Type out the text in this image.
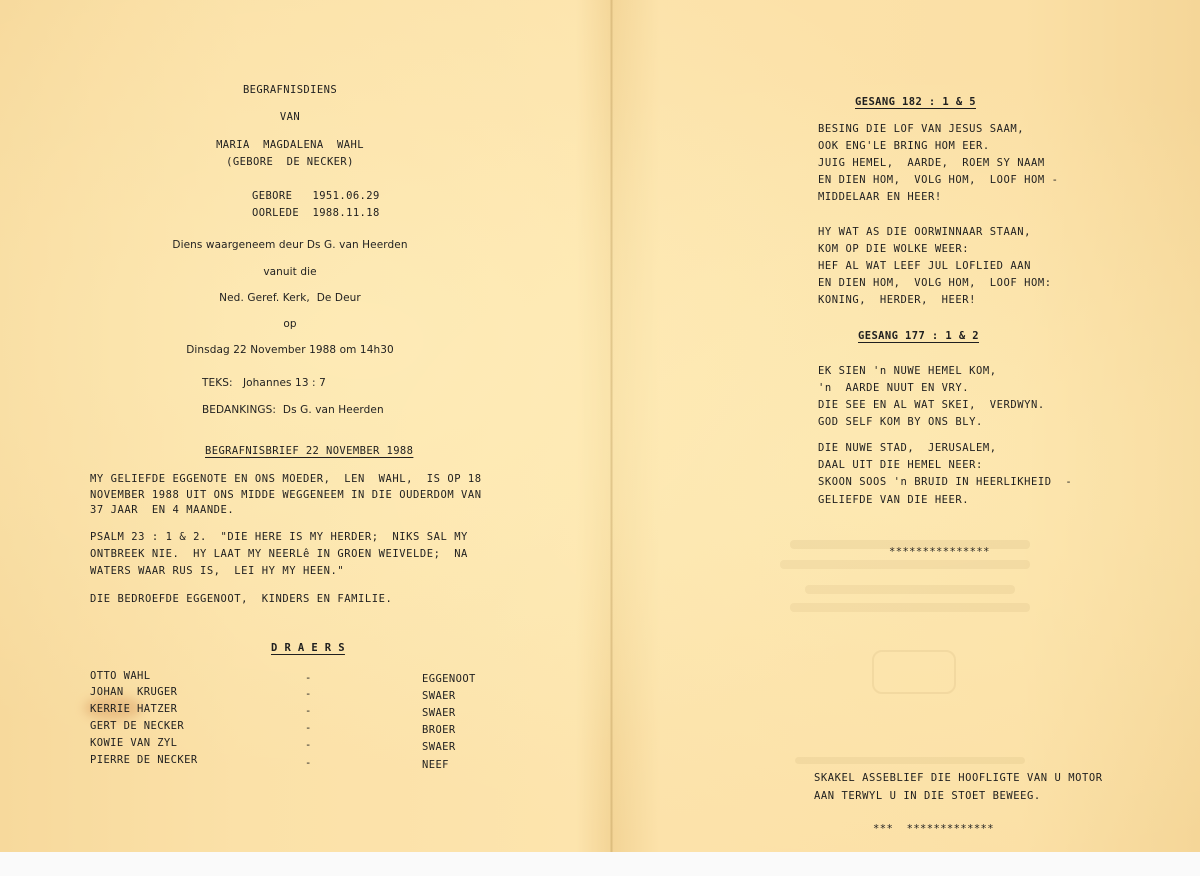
BEGRAFNISDIENS
VAN
MARIA  MAGDALENA  WAHL
(GEBORE  DE NECKER)
GEBORE   1951.06.29
OORLEDE  1988.11.18
Diens waargeneem deur Ds G. van Heerden
vanuit die
Ned. Geref. Kerk,  De Deur
op
Dinsdag 22 November 1988 om 14h30
TEKS:   Johannes 13 : 7
BEDANKINGS:  Ds G. van Heerden
BEGRAFNISBRIEF 22 NOVEMBER 1988
MY GELIEFDE EGGENOTE EN ONS MOEDER,  LEN  WAHL,  IS OP 18
NOVEMBER 1988 UIT ONS MIDDE WEGGENEEM IN DIE OUDERDOM VAN
37 JAAR  EN 4 MAANDE.
PSALM 23 : 1 & 2.  "DIE HERE IS MY HERDER;  NIKS SAL MY
ONTBREEK NIE.  HY LAAT MY NEERLê IN GROEN WEIVELDE;  NA
WATERS WAAR RUS IS,  LEI HY MY HEEN."
DIE BEDROEFDE EGGENOOT,  KINDERS EN FAMILIE.
D R A E R S
OTTO WAHL	-	EGGENOOT
JOHAN  KRUGER	-	SWAER
KERRIE HATZER	-	SWAER
GERT DE NECKER	-	BROER
KOWIE VAN ZYL	-	SWAER
PIERRE DE NECKER	-	NEEF
GESANG 182 : 1 & 5
BESING DIE LOF VAN JESUS SAAM,
OOK ENG'LE BRING HOM EER.
JUIG HEMEL,  AARDE,  ROEM SY NAAM
EN DIEN HOM,  VOLG HOM,  LOOF HOM -
MIDDELAAR EN HEER!
HY WAT AS DIE OORWINNAAR STAAN,
KOM OP DIE WOLKE WEER:
HEF AL WAT LEEF JUL LOFLIED AAN
EN DIEN HOM,  VOLG HOM,  LOOF HOM:
KONING,  HERDER,  HEER!
GESANG 177 : 1 & 2
EK SIEN 'n NUWE HEMEL KOM,
'n  AARDE NUUT EN VRY.
DIE SEE EN AL WAT SKEI,  VERDWYN.
GOD SELF KOM BY ONS BLY.
DIE NUWE STAD,  JERUSALEM,
DAAL UIT DIE HEMEL NEER:
SKOON SOOS 'n BRUID IN HEERLIKHEID  -
GELIEFDE VAN DIE HEER.
***************
SKAKEL ASSEBLIEF DIE HOOFLIGTE VAN U MOTOR
AAN TERWYL U IN DIE STOET BEWEEG.
***  *************
